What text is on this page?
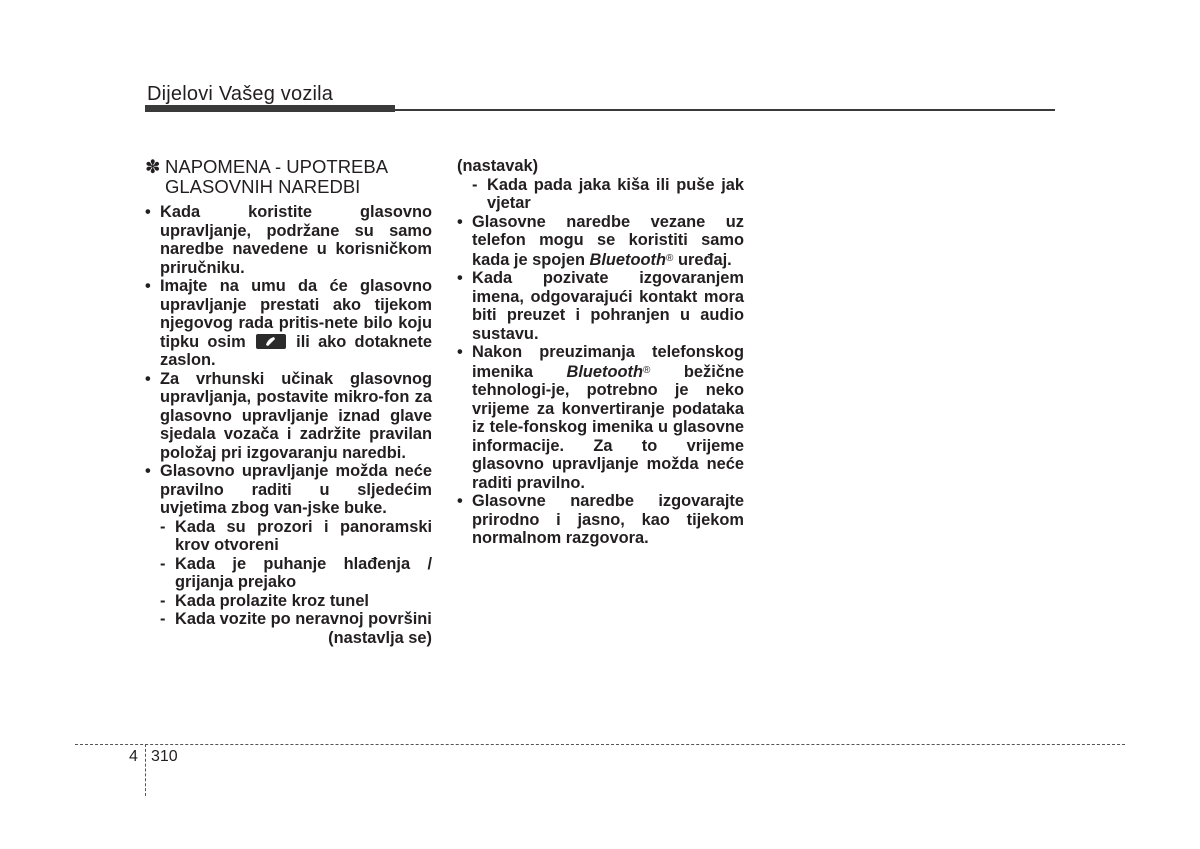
Dijelovi Vašeg vozila
✽ NAPOMENA - UPOTREBA
GLASOVNIH NAREDBI
• Kada koristite glasovno upravljanje, podržane su samo naredbe navedene u korisničkom priručniku.
• Imajte na umu da će glasovno upravljanje prestati ako tijekom njegovog rada pritis-nete bilo koju tipku osim	ili ako dotaknete zaslon.
• Za vrhunski učinak glasovnog upravljanja, postavite mikro-fon za glasovno upravljanje iznad glave sjedala vozača i zadržite pravilan položaj pri izgovaranju naredbi.
• Glasovno upravljanje možda neće pravilno raditi u sljedećim uvjetima zbog van-jske buke.
- Kada su prozori i panoramski krov otvoreni
- Kada je puhanje hlađenja / grijanja prejako
- Kada prolazite kroz tunel
- Kada vozite po neravnoj površini
(nastavlja se)
(nastavak)
- Kada pada jaka kiša ili puše jak vjetar
• Glasovne naredbe vezane uz telefon mogu se koristiti samo kada je spojen Bluetooth® uređaj.
• Kada pozivate izgovaranjem imena, odgovarajući kontakt mora biti preuzet i pohranjen u audio sustavu.
• Nakon preuzimanja telefonskog imenika Bluetooth® bežične tehnologi-je, potrebno je neko vrijeme za konvertiranje podataka iz tele-fonskog imenika u glasovne informacije. Za to vrijeme glasovno upravljanje možda neće raditi pravilno.
• Glasovne naredbe izgovarajte prirodno i jasno, kao tijekom normalnom razgovora.
4 310
